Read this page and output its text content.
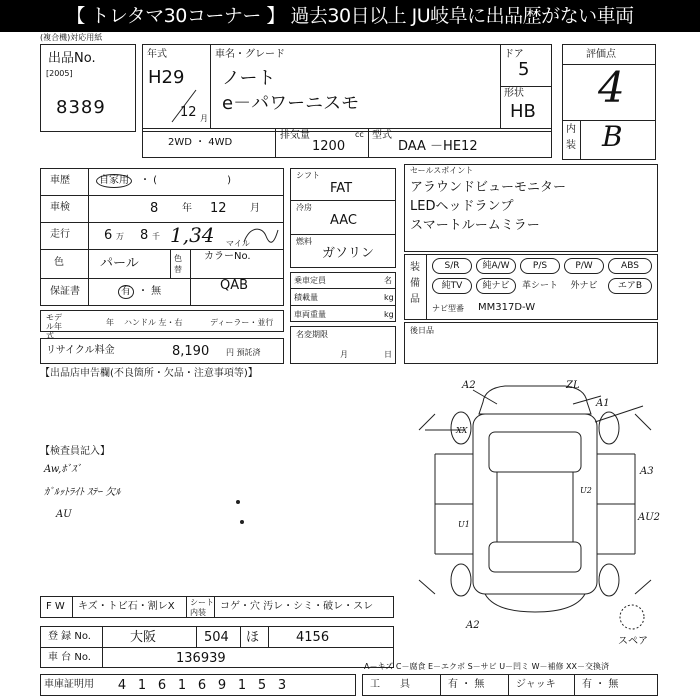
【 トレタマ30コーナー 】 過去30日以上 JU岐阜に出品歴がない車両
(複合機)対応用紙
出品No.
[2005]
8389
年式
H29
12 月
車名・グレード
ノート
e－パワーニスモ
ドア
5
形状
HB
評価点
4
内
装 B
2WD ・ 4WD
排気量
1200
cc 型式
DAA －HE12
車歴	自家用	・ (　　　　　　　)
車検	8 年 12 月
走行	6 万 8 千 1,34 マイル
色	パール	色
替
カラーNo.
QAB
保証書	有 ・ 無
モデル年式
年 ハンドル 左・右	ディーラー・並行
リサイクル料金	8,190 円 預託済
【出品店申告欄(不良箇所・欠品・注意事項等)】
【検査員記入】
Aw,ﾎﾞｽﾞ
ｶﾞﾙｯﾄﾗｲﾄ ｽﾃｰ 欠ﾙ
AU
シフト
FAT
冷房
AAC
燃料
ガソリン
乗車定員	名
積載量	kg
車両重量	kg
名変期限
月	日
セールスポイント
アラウンドビューモニター
LEDヘッドランプ
スマートルームミラー
装
備
品
S/R	純A/W	P/S	P/W	ABS
純TV	純ナビ	革シート	外ナビ	エアB
ナビ型番 MM317D-W
後日品
A2	ZL
A1
XX
A3
U2
AU2
U1
A2
スペア
F W キズ・トビ石・割レX シート
内装
コゲ・穴 汚レ・シミ・破レ・スレ
登 録 No.	大阪	504 ほ	4156
車 台 No.	136939
車庫証明用	4 1 6 1 6 9 1 5 3
A－キズ C－腐食 E－エクボ S－サビ U－凹ミ W－補修 XX－交換済
工　　具	有 ・ 無	ジャッキ	有 ・ 無
